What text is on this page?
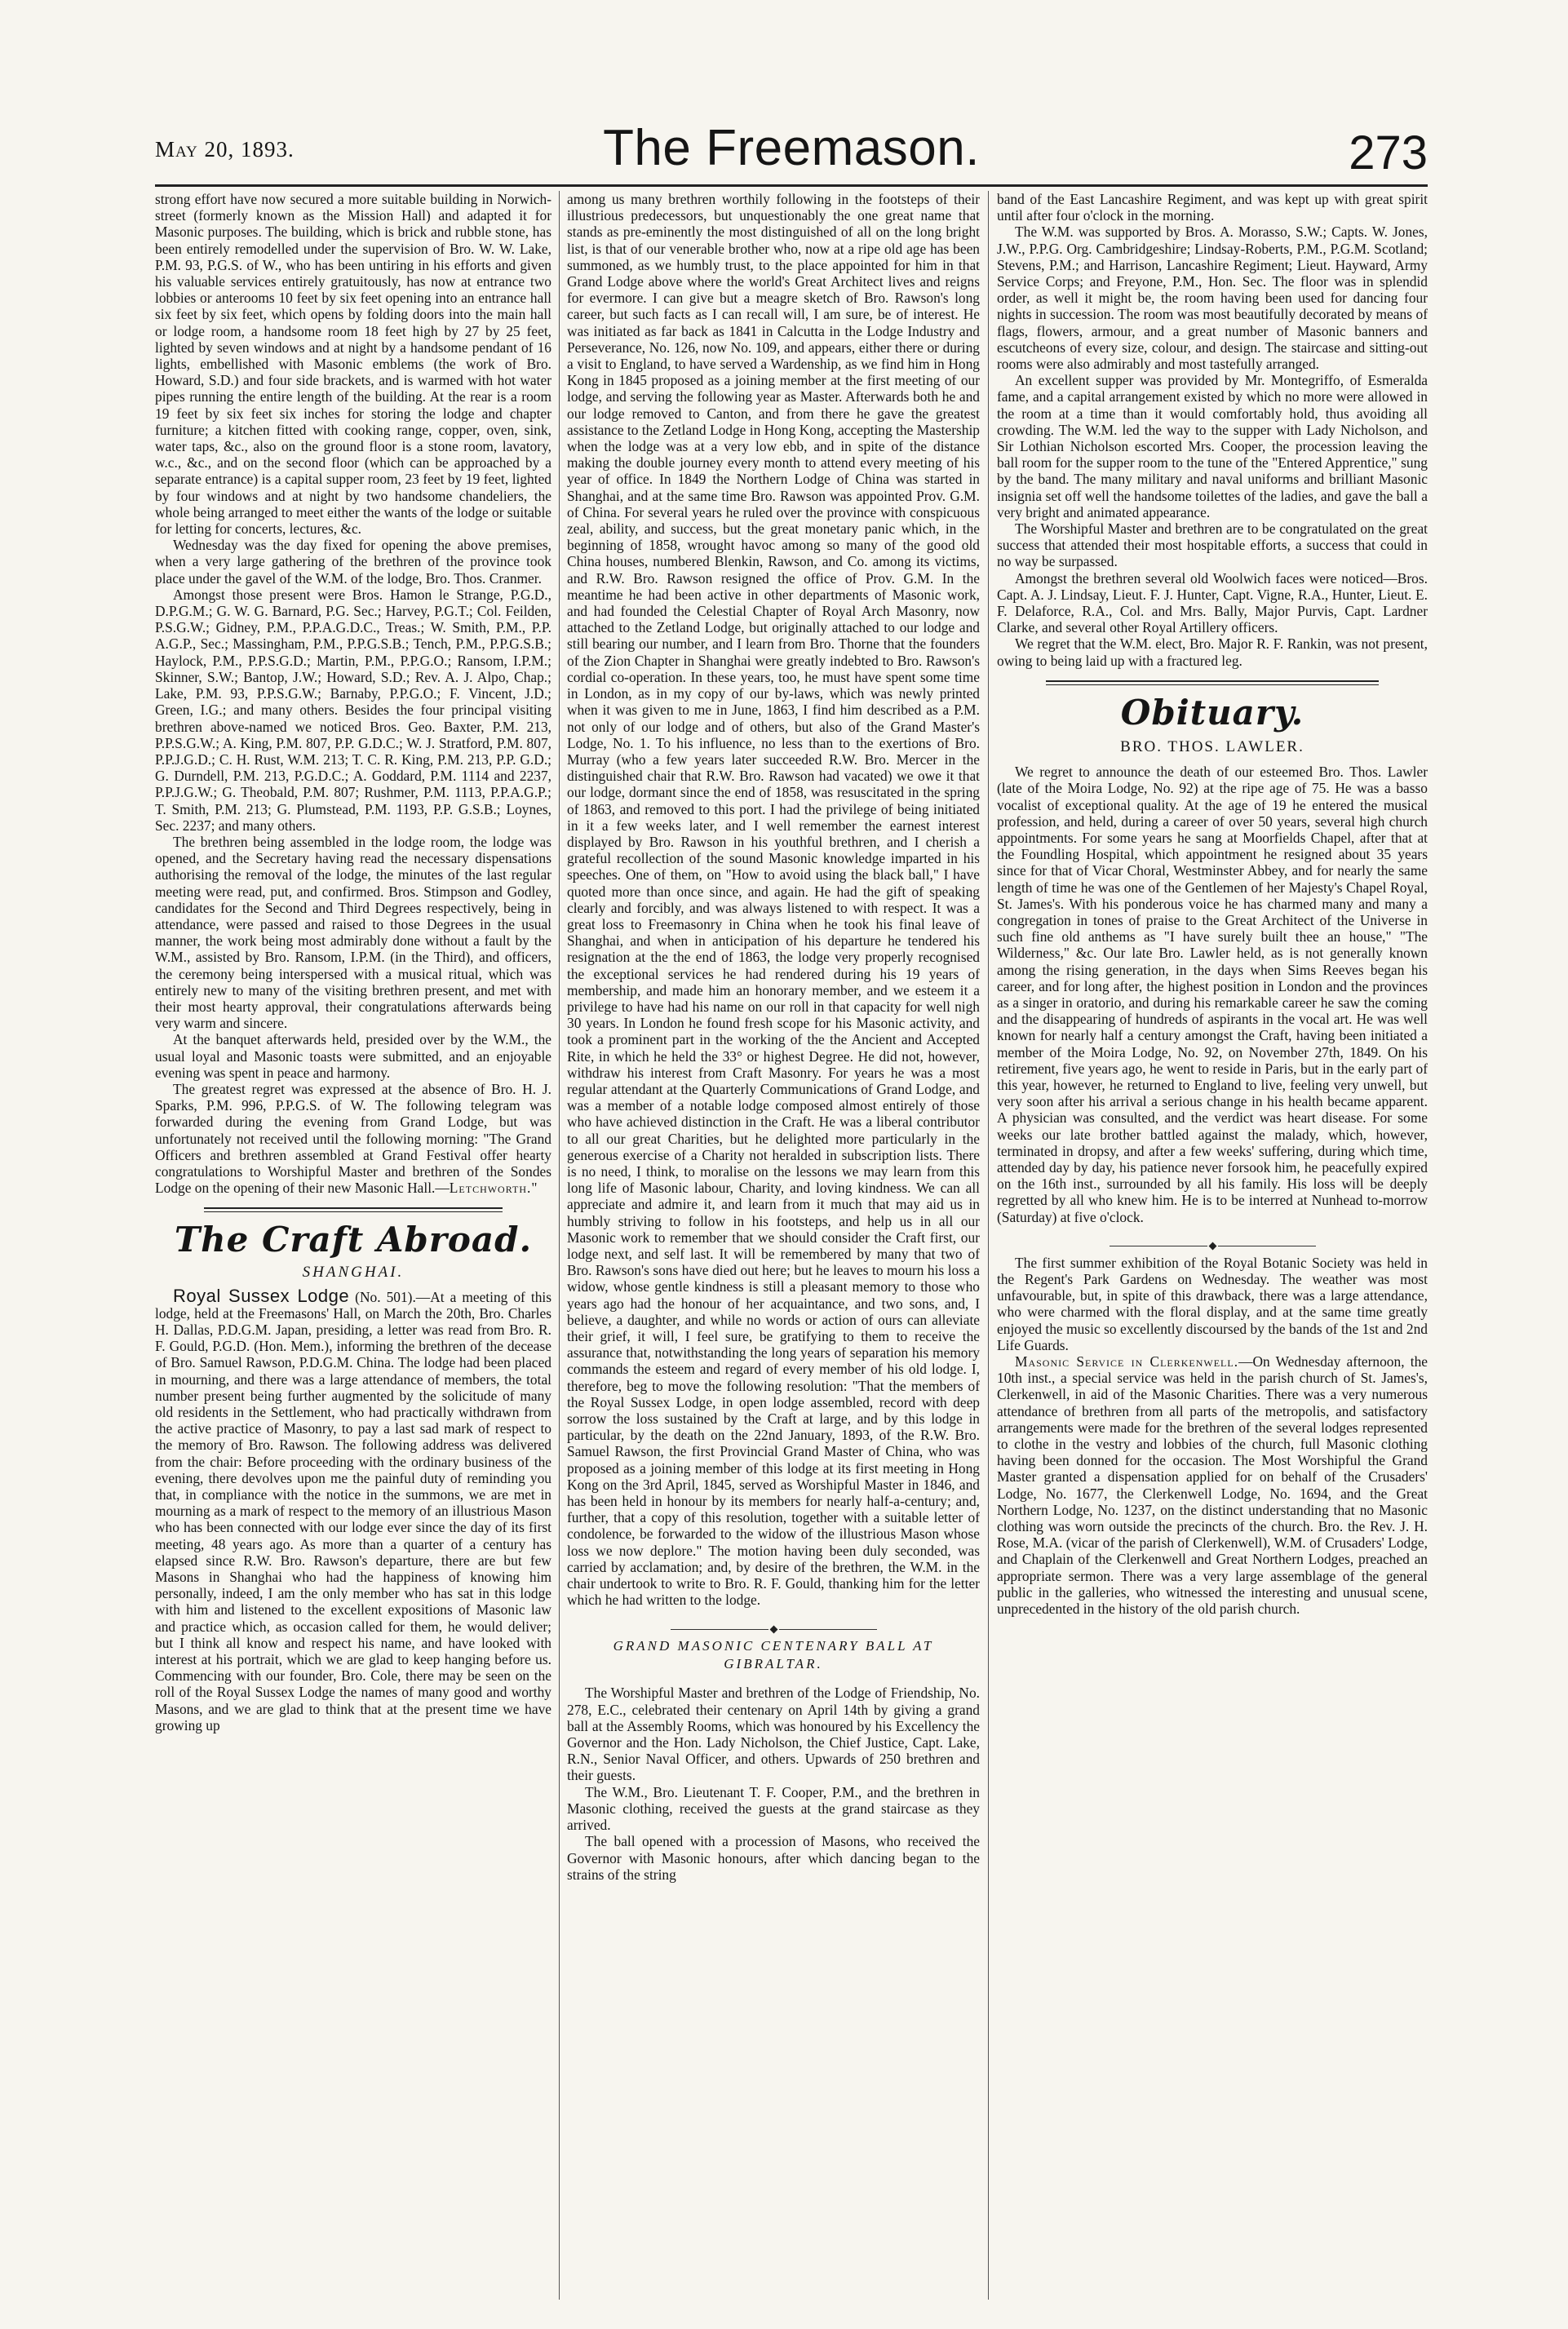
May 20, 1893.	The Freemason.	273

strong effort have now secured a more suitable building in Norwich-street (formerly known as the Mission Hall) and adapted it for Masonic purposes. The building, which is brick and rubble stone, has been entirely remodelled under the supervision of Bro. W. W. Lake, P.M. 93, P.G.S. of W., who has been untiring in his efforts and given his valuable services entirely gratuitously, has now at entrance two lobbies or anterooms 10 feet by six feet opening into an entrance hall six feet by six feet, which opens by folding doors into the main hall or lodge room, a handsome room 18 feet high by 27 by 25 feet, lighted by seven windows and at night by a handsome pendant of 16 lights, embellished with Masonic emblems (the work of Bro. Howard, S.D.) and four side brackets, and is warmed with hot water pipes running the entire length of the building. At the rear is a room 19 feet by six feet six inches for storing the lodge and chapter furniture; a kitchen fitted with cooking range, copper, oven, sink, water taps, &c., also on the ground floor is a stone room, lavatory, w.c., &c., and on the second floor (which can be approached by a separate entrance) is a capital supper room, 23 feet by 19 feet, lighted by four windows and at night by two handsome chandeliers, the whole being arranged to meet either the wants of the lodge or suitable for letting for concerts, lectures, &c.

Wednesday was the day fixed for opening the above premises, when a very large gathering of the brethren of the province took place under the gavel of the W.M. of the lodge, Bro. Thos. Cranmer.

Amongst those present were Bros. Hamon le Strange, P.G.D., D.P.G.M.; G. W. G. Barnard, P.G. Sec.; Harvey, P.G.T.; Col. Feilden, P.S.G.W.; Gidney, P.M., P.P.A.G.D.C., Treas.; W. Smith, P.M., P.P. A.G.P., Sec.; Massingham, P.M., P.P.G.S.B.; Tench, P.M., P.P.G.S.B.; Haylock, P.M., P.P.S.G.D.; Martin, P.M., P.P.G.O.; Ransom, I.P.M.; Skinner, S.W.; Bantop, J.W.; Howard, S.D.; Rev. A. J. Alpo, Chap.; Lake, P.M. 93, P.P.S.G.W.; Barnaby, P.P.G.O.; F. Vincent, J.D.; Green, I.G.; and many others. Besides the four principal visiting brethren above-named we noticed Bros. Geo. Baxter, P.M. 213, P.P.S.G.W.; A. King, P.M. 807, P.P. G.D.C.; W. J. Stratford, P.M. 807, P.P.J.G.D.; C. H. Rust, W.M. 213; T. C. R. King, P.M. 213, P.P. G.D.; G. Durndell, P.M. 213, P.G.D.C.; A. Goddard, P.M. 1114 and 2237, P.P.J.G.W.; G. Theobald, P.M. 807; Rushmer, P.M. 1113, P.P.A.G.P.; T. Smith, P.M. 213; G. Plumstead, P.M. 1193, P.P. G.S.B.; Loynes, Sec. 2237; and many others.

The brethren being assembled in the lodge room, the lodge was opened, and the Secretary having read the necessary dispensations authorising the removal of the lodge, the minutes of the last regular meeting were read, put, and confirmed. Bros. Stimpson and Godley, candidates for the Second and Third Degrees respectively, being in attendance, were passed and raised to those Degrees in the usual manner, the work being most admirably done without a fault by the W.M., assisted by Bro. Ransom, I.P.M. (in the Third), and officers, the ceremony being interspersed with a musical ritual, which was entirely new to many of the visiting brethren present, and met with their most hearty approval, their congratulations afterwards being very warm and sincere.

At the banquet afterwards held, presided over by the W.M., the usual loyal and Masonic toasts were submitted, and an enjoyable evening was spent in peace and harmony.

The greatest regret was expressed at the absence of Bro. H. J. Sparks, P.M. 996, P.P.G.S. of W. The following telegram was forwarded during the evening from Grand Lodge, but was unfortunately not received until the following morning: "The Grand Officers and brethren assembled at Grand Festival offer hearty congratulations to Worshipful Master and brethren of the Sondes Lodge on the opening of their new Masonic Hall.—Letchworth."

The Craft Abroad.
SHANGHAI.

Royal Sussex Lodge (No. 501).—At a meeting of this lodge, held at the Freemasons' Hall, on March the 20th, Bro. Charles H. Dallas, P.D.G.M. Japan, presiding, a letter was read from Bro. R. F. Gould, P.G.D. (Hon. Mem.), informing the brethren of the decease of Bro. Samuel Rawson, P.D.G.M. China. The lodge had been placed in mourning, and there was a large attendance of members, the total number present being further augmented by the solicitude of many old residents in the Settlement, who had practically withdrawn from the active practice of Masonry, to pay a last sad mark of respect to the memory of Bro. Rawson. The following address was delivered from the chair: Before proceeding with the ordinary business of the evening, there devolves upon me the painful duty of reminding you that, in compliance with the notice in the summons, we are met in mourning as a mark of respect to the memory of an illustrious Mason who has been connected with our lodge ever since the day of its first meeting, 48 years ago. As more than a quarter of a century has elapsed since R.W. Bro. Rawson's departure, there are but few Masons in Shanghai who had the happiness of knowing him personally, indeed, I am the only member who has sat in this lodge with him and listened to the excellent expositions of Masonic law and practice which, as occasion called for them, he would deliver; but I think all know and respect his name, and have looked with interest at his portrait, which we are glad to keep hanging before us. Commencing with our founder, Bro. Cole, there may be seen on the roll of the Royal Sussex Lodge the names of many good and worthy Masons, and we are glad to think that at the present time we have growing up

among us many brethren worthily following in the footsteps of their illustrious predecessors, but unquestionably the one great name that stands as pre-eminently the most distinguished of all on the long bright list, is that of our venerable brother who, now at a ripe old age has been summoned, as we humbly trust, to the place appointed for him in that Grand Lodge above where the world's Great Architect lives and reigns for evermore. I can give but a meagre sketch of Bro. Rawson's long career, but such facts as I can recall will, I am sure, be of interest. He was initiated as far back as 1841 in Calcutta in the Lodge Industry and Perseverance, No. 126, now No. 109, and appears, either there or during a visit to England, to have served a Wardenship, as we find him in Hong Kong in 1845 proposed as a joining member at the first meeting of our lodge, and serving the following year as Master. Afterwards both he and our lodge removed to Canton, and from there he gave the greatest assistance to the Zetland Lodge in Hong Kong, accepting the Mastership when the lodge was at a very low ebb, and in spite of the distance making the double journey every month to attend every meeting of his year of office. In 1849 the Northern Lodge of China was started in Shanghai, and at the same time Bro. Rawson was appointed Prov. G.M. of China. For several years he ruled over the province with conspicuous zeal, ability, and success, but the great monetary panic which, in the beginning of 1858, wrought havoc among so many of the good old China houses, numbered Blenkin, Rawson, and Co. among its victims, and R.W. Bro. Rawson resigned the office of Prov. G.M. In the meantime he had been active in other departments of Masonic work, and had founded the Celestial Chapter of Royal Arch Masonry, now attached to the Zetland Lodge, but originally attached to our lodge and still bearing our number, and I learn from Bro. Thorne that the founders of the Zion Chapter in Shanghai were greatly indebted to Bro. Rawson's cordial co-operation. In these years, too, he must have spent some time in London, as in my copy of our by-laws, which was newly printed when it was given to me in June, 1863, I find him described as a P.M. not only of our lodge and of others, but also of the Grand Master's Lodge, No. 1. To his influence, no less than to the exertions of Bro. Murray (who a few years later succeeded R.W. Bro. Mercer in the distinguished chair that R.W. Bro. Rawson had vacated) we owe it that our lodge, dormant since the end of 1858, was resuscitated in the spring of 1863, and removed to this port. I had the privilege of being initiated in it a few weeks later, and I well remember the earnest interest displayed by Bro. Rawson in his youthful brethren, and I cherish a grateful recollection of the sound Masonic knowledge imparted in his speeches. One of them, on "How to avoid using the black ball," I have quoted more than once since, and again. He had the gift of speaking clearly and forcibly, and was always listened to with respect. It was a great loss to Freemasonry in China when he took his final leave of Shanghai, and when in anticipation of his departure he tendered his resignation at the the end of 1863, the lodge very properly recognised the exceptional services he had rendered during his 19 years of membership, and made him an honorary member, and we esteem it a privilege to have had his name on our roll in that capacity for well nigh 30 years. In London he found fresh scope for his Masonic activity, and took a prominent part in the working of the the Ancient and Accepted Rite, in which he held the 33° or highest Degree. He did not, however, withdraw his interest from Craft Masonry. For years he was a most regular attendant at the Quarterly Communications of Grand Lodge, and was a member of a notable lodge composed almost entirely of those who have achieved distinction in the Craft. He was a liberal contributor to all our great Charities, but he delighted more particularly in the generous exercise of a Charity not heralded in subscription lists. There is no need, I think, to moralise on the lessons we may learn from this long life of Masonic labour, Charity, and loving kindness. We can all appreciate and admire it, and learn from it much that may aid us in humbly striving to follow in his footsteps, and help us in all our Masonic work to remember that we should consider the Craft first, our lodge next, and self last. It will be remembered by many that two of Bro. Rawson's sons have died out here; but he leaves to mourn his loss a widow, whose gentle kindness is still a pleasant memory to those who years ago had the honour of her acquaintance, and two sons, and, I believe, a daughter, and while no words or action of ours can alleviate their grief, it will, I feel sure, be gratifying to them to receive the assurance that, notwithstanding the long years of separation his memory commands the esteem and regard of every member of his old lodge. I, therefore, beg to move the following resolution: "That the members of the Royal Sussex Lodge, in open lodge assembled, record with deep sorrow the loss sustained by the Craft at large, and by this lodge in particular, by the death on the 22nd January, 1893, of the R.W. Bro. Samuel Rawson, the first Provincial Grand Master of China, who was proposed as a joining member of this lodge at its first meeting in Hong Kong on the 3rd April, 1845, served as Worshipful Master in 1846, and has been held in honour by its members for nearly half-a-century; and, further, that a copy of this resolution, together with a suitable letter of condolence, be forwarded to the widow of the illustrious Mason whose loss we now deplore." The motion having been duly seconded, was carried by acclamation; and, by desire of the brethren, the W.M. in the chair undertook to write to Bro. R. F. Gould, thanking him for the letter which he had written to the lodge.

GRAND MASONIC CENTENARY BALL AT GIBRALTAR.

The Worshipful Master and brethren of the Lodge of Friendship, No. 278, E.C., celebrated their centenary on April 14th by giving a grand ball at the Assembly Rooms, which was honoured by his Excellency the Governor and the Hon. Lady Nicholson, the Chief Justice, Capt. Lake, R.N., Senior Naval Officer, and others. Upwards of 250 brethren and their guests.

The W.M., Bro. Lieutenant T. F. Cooper, P.M., and the brethren in Masonic clothing, received the guests at the grand staircase as they arrived.

The ball opened with a procession of Masons, who received the Governor with Masonic honours, after which dancing began to the strains of the string

band of the East Lancashire Regiment, and was kept up with great spirit until after four o'clock in the morning.

The W.M. was supported by Bros. A. Morasso, S.W.; Capts. W. Jones, J.W., P.P.G. Org. Cambridgeshire; Lindsay-Roberts, P.M., P.G.M. Scotland; Stevens, P.M.; and Harrison, Lancashire Regiment; Lieut. Hayward, Army Service Corps; and Freyone, P.M., Hon. Sec. The floor was in splendid order, as well it might be, the room having been used for dancing four nights in succession. The room was most beautifully decorated by means of flags, flowers, armour, and a great number of Masonic banners and escutcheons of every size, colour, and design. The staircase and sitting-out rooms were also admirably and most tastefully arranged.

An excellent supper was provided by Mr. Montegriffo, of Esmeralda fame, and a capital arrangement existed by which no more were allowed in the room at a time than it would comfortably hold, thus avoiding all crowding. The W.M. led the way to the supper with Lady Nicholson, and Sir Lothian Nicholson escorted Mrs. Cooper, the procession leaving the ball room for the supper room to the tune of the "Entered Apprentice," sung by the band. The many military and naval uniforms and brilliant Masonic insignia set off well the handsome toilettes of the ladies, and gave the ball a very bright and animated appearance.

The Worshipful Master and brethren are to be congratulated on the great success that attended their most hospitable efforts, a success that could in no way be surpassed.

Amongst the brethren several old Woolwich faces were noticed—Bros. Capt. A. J. Lindsay, Lieut. F. J. Hunter, Capt. Vigne, R.A., Hunter, Lieut. E. F. Delaforce, R.A., Col. and Mrs. Bally, Major Purvis, Capt. Lardner Clarke, and several other Royal Artillery officers.

We regret that the W.M. elect, Bro. Major R. F. Rankin, was not present, owing to being laid up with a fractured leg.

Obituary.
BRO. THOS. LAWLER.

We regret to announce the death of our esteemed Bro. Thos. Lawler (late of the Moira Lodge, No. 92) at the ripe age of 75. He was a basso vocalist of exceptional quality. At the age of 19 he entered the musical profession, and held, during a career of over 50 years, several high church appointments. For some years he sang at Moorfields Chapel, after that at the Foundling Hospital, which appointment he resigned about 35 years since for that of Vicar Choral, Westminster Abbey, and for nearly the same length of time he was one of the Gentlemen of her Majesty's Chapel Royal, St. James's. With his ponderous voice he has charmed many and many a congregation in tones of praise to the Great Architect of the Universe in such fine old anthems as "I have surely built thee an house," "The Wilderness," &c. Our late Bro. Lawler held, as is not generally known among the rising generation, in the days when Sims Reeves began his career, and for long after, the highest position in London and the provinces as a singer in oratorio, and during his remarkable career he saw the coming and the disappearing of hundreds of aspirants in the vocal art. He was well known for nearly half a century amongst the Craft, having been initiated a member of the Moira Lodge, No. 92, on November 27th, 1849. On his retirement, five years ago, he went to reside in Paris, but in the early part of this year, however, he returned to England to live, feeling very unwell, but very soon after his arrival a serious change in his health became apparent. A physician was consulted, and the verdict was heart disease. For some weeks our late brother battled against the malady, which, however, terminated in dropsy, and after a few weeks' suffering, during which time, attended day by day, his patience never forsook him, he peacefully expired on the 16th inst., surrounded by all his family. His loss will be deeply regretted by all who knew him. He is to be interred at Nunhead to-morrow (Saturday) at five o'clock.

The first summer exhibition of the Royal Botanic Society was held in the Regent's Park Gardens on Wednesday. The weather was most unfavourable, but, in spite of this drawback, there was a large attendance, who were charmed with the floral display, and at the same time greatly enjoyed the music so excellently discoursed by the bands of the 1st and 2nd Life Guards.

Masonic Service in Clerkenwell.—On Wednesday afternoon, the 10th inst., a special service was held in the parish church of St. James's, Clerkenwell, in aid of the Masonic Charities. There was a very numerous attendance of brethren from all parts of the metropolis, and satisfactory arrangements were made for the brethren of the several lodges represented to clothe in the vestry and lobbies of the church, full Masonic clothing having been donned for the occasion. The Most Worshipful the Grand Master granted a dispensation applied for on behalf of the Crusaders' Lodge, No. 1677, the Clerkenwell Lodge, No. 1694, and the Great Northern Lodge, No. 1237, on the distinct understanding that no Masonic clothing was worn outside the precincts of the church. Bro. the Rev. J. H. Rose, M.A. (vicar of the parish of Clerkenwell), W.M. of Crusaders' Lodge, and Chaplain of the Clerkenwell and Great Northern Lodges, preached an appropriate sermon. There was a very large assemblage of the general public in the galleries, who witnessed the interesting and unusual scene, unprecedented in the history of the old parish church.
